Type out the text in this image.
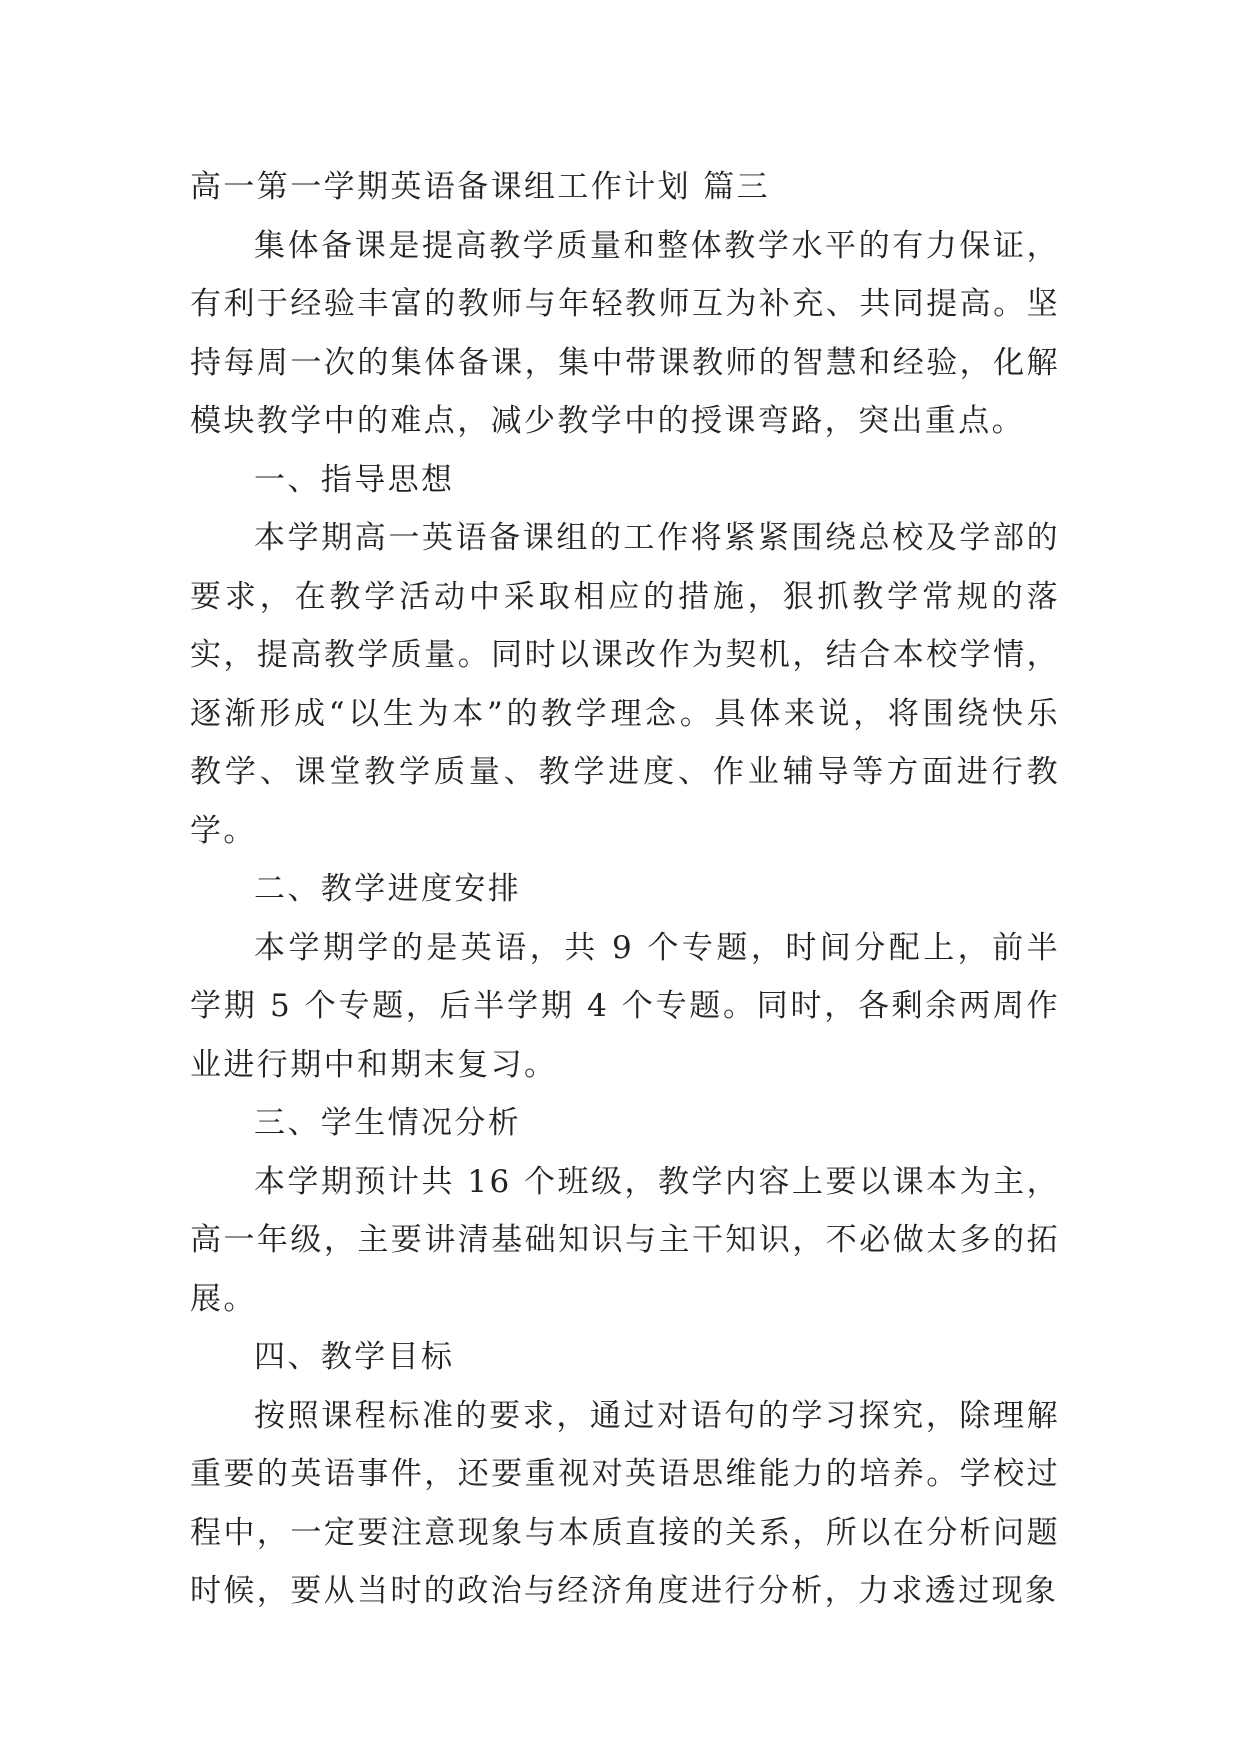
高一第一学期英语备课组工作计划 篇三

集体备课是提高教学质量和整体教学水平的有力保证，有利于经验丰富的教师与年轻教师互为补充、共同提高。坚持每周一次的集体备课，集中带课教师的智慧和经验，化解模块教学中的难点，减少教学中的授课弯路，突出重点。

一、指导思想

本学期高一英语备课组的工作将紧紧围绕总校及学部的要求，在教学活动中采取相应的措施，狠抓教学常规的落实，提高教学质量。同时以课改作为契机，结合本校学情，逐渐形成“以生为本”的教学理念。具体来说，将围绕快乐教学、课堂教学质量、教学进度、作业辅导等方面进行教学。

二、教学进度安排

本学期学的是英语，共 9 个专题，时间分配上，前半学期 5 个专题，后半学期 4 个专题。同时，各剩余两周作业进行期中和期末复习。

三、学生情况分析

本学期预计共 16 个班级，教学内容上要以课本为主，高一年级，主要讲清基础知识与主干知识，不必做太多的拓展。

四、教学目标

按照课程标准的要求，通过对语句的学习探究，除理解重要的英语事件，还要重视对英语思维能力的培养。学校过程中，一定要注意现象与本质直接的关系，所以在分析问题时候，要从当时的政治与经济角度进行分析，力求透过现象
